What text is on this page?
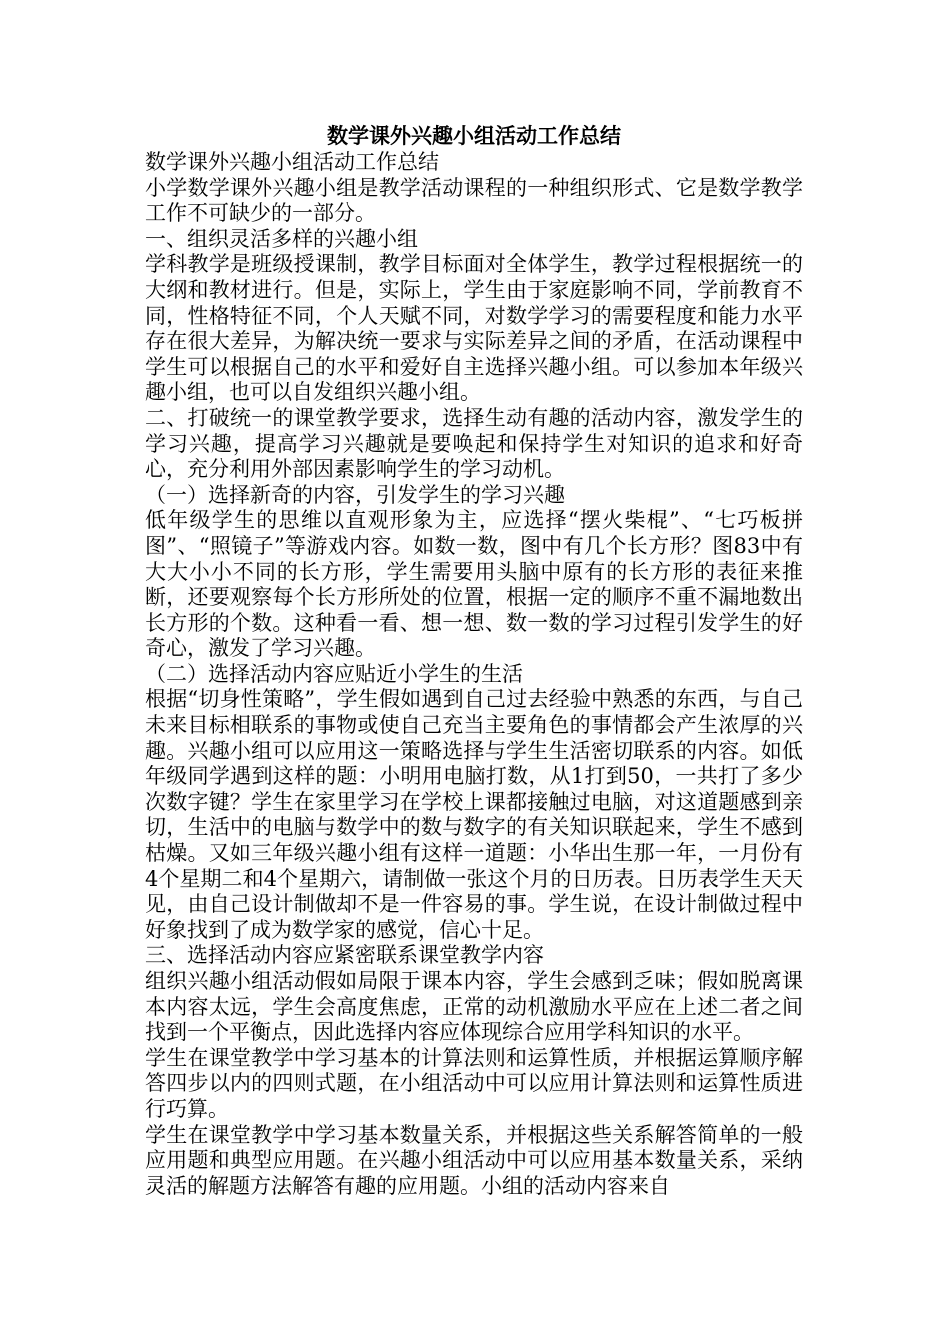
数学课外兴趣小组活动工作总结

数学课外兴趣小组活动工作总结

小学数学课外兴趣小组是教学活动课程的一种组织形式、它是数学教学工作不可缺少的一部分。

一、组织灵活多样的兴趣小组

学科教学是班级授课制，教学目标面对全体学生，教学过程根据统一的大纲和教材进行。但是，实际上，学生由于家庭影响不同，学前教育不同，性格特征不同，个人天赋不同，对数学学习的需要程度和能力水平存在很大差异，为解决统一要求与实际差异之间的矛盾，在活动课程中学生可以根据自己的水平和爱好自主选择兴趣小组。可以参加本年级兴趣小组，也可以自发组织兴趣小组。

二、打破统一的课堂教学要求，选择生动有趣的活动内容，激发学生的学习兴趣，提高学习兴趣就是要唤起和保持学生对知识的追求和好奇心，充分利用外部因素影响学生的学习动机。

（一）选择新奇的内容，引发学生的学习兴趣

低年级学生的思维以直观形象为主，应选择“摆火柴棍”、“七巧板拼图”、“照镜子”等游戏内容。如数一数，图中有几个长方形？图83中有大大小小不同的长方形，学生需要用头脑中原有的长方形的表征来推断，还要观察每个长方形所处的位置，根据一定的顺序不重不漏地数出长方形的个数。这种看一看、想一想、数一数的学习过程引发学生的好奇心，激发了学习兴趣。

（二）选择活动内容应贴近小学生的生活

根据“切身性策略”，学生假如遇到自己过去经验中熟悉的东西，与自己未来目标相联系的事物或使自己充当主要角色的事情都会产生浓厚的兴趣。兴趣小组可以应用这一策略选择与学生生活密切联系的内容。如低年级同学遇到这样的题：小明用电脑打数，从1打到50，一共打了多少次数字键？学生在家里学习在学校上课都接触过电脑，对这道题感到亲切，生活中的电脑与数学中的数与数字的有关知识联起来，学生不感到枯燥。又如三年级兴趣小组有这样一道题：小华出生那一年，一月份有4个星期二和4个星期六，请制做一张这个月的日历表。日历表学生天天见，由自己设计制做却不是一件容易的事。学生说，在设计制做过程中好象找到了成为数学家的感觉，信心十足。

三、选择活动内容应紧密联系课堂教学内容

组织兴趣小组活动假如局限于课本内容，学生会感到乏味；假如脱离课本内容太远，学生会高度焦虑，正常的动机激励水平应在上述二者之间找到一个平衡点，因此选择内容应体现综合应用学科知识的水平。

学生在课堂教学中学习基本的计算法则和运算性质，并根据运算顺序解答四步以内的四则式题，在小组活动中可以应用计算法则和运算性质进行巧算。

学生在课堂教学中学习基本数量关系，并根据这些关系解答简单的一般应用题和典型应用题。在兴趣小组活动中可以应用基本数量关系，采纳灵活的解题方法解答有趣的应用题。小组的活动内容来自
